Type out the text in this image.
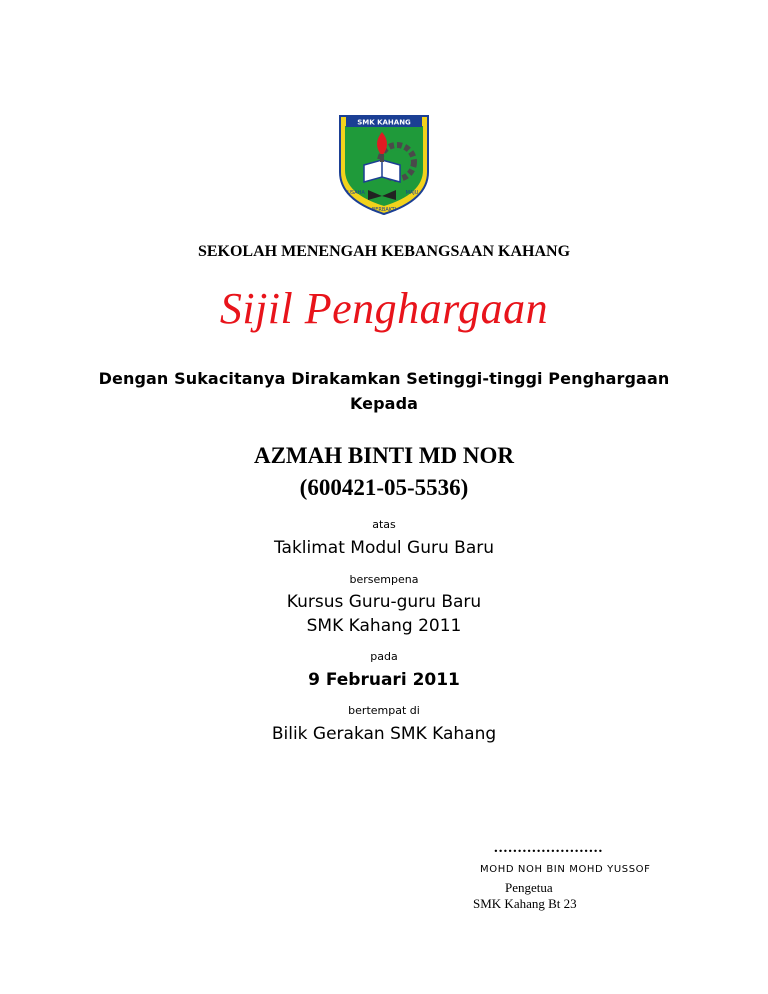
SMK KAHANG
USAHA	MAJU
BERBAKTI
SEKOLAH MENENGAH KEBANGSAAN KAHANG
Sijil Penghargaan
Dengan Sukacitanya Dirakamkan Setinggi-tinggi Penghargaan
Kepada
AZMAH BINTI MD NOR
(600421-05-5536)
atas
Taklimat Modul Guru Baru
bersempena
Kursus Guru-guru Baru
SMK Kahang 2011
pada
9 Februari 2011
bertempat di
Bilik Gerakan SMK Kahang
.......................
MOHD NOH BIN MOHD YUSSOF
Pengetua
SMK Kahang Bt 23
